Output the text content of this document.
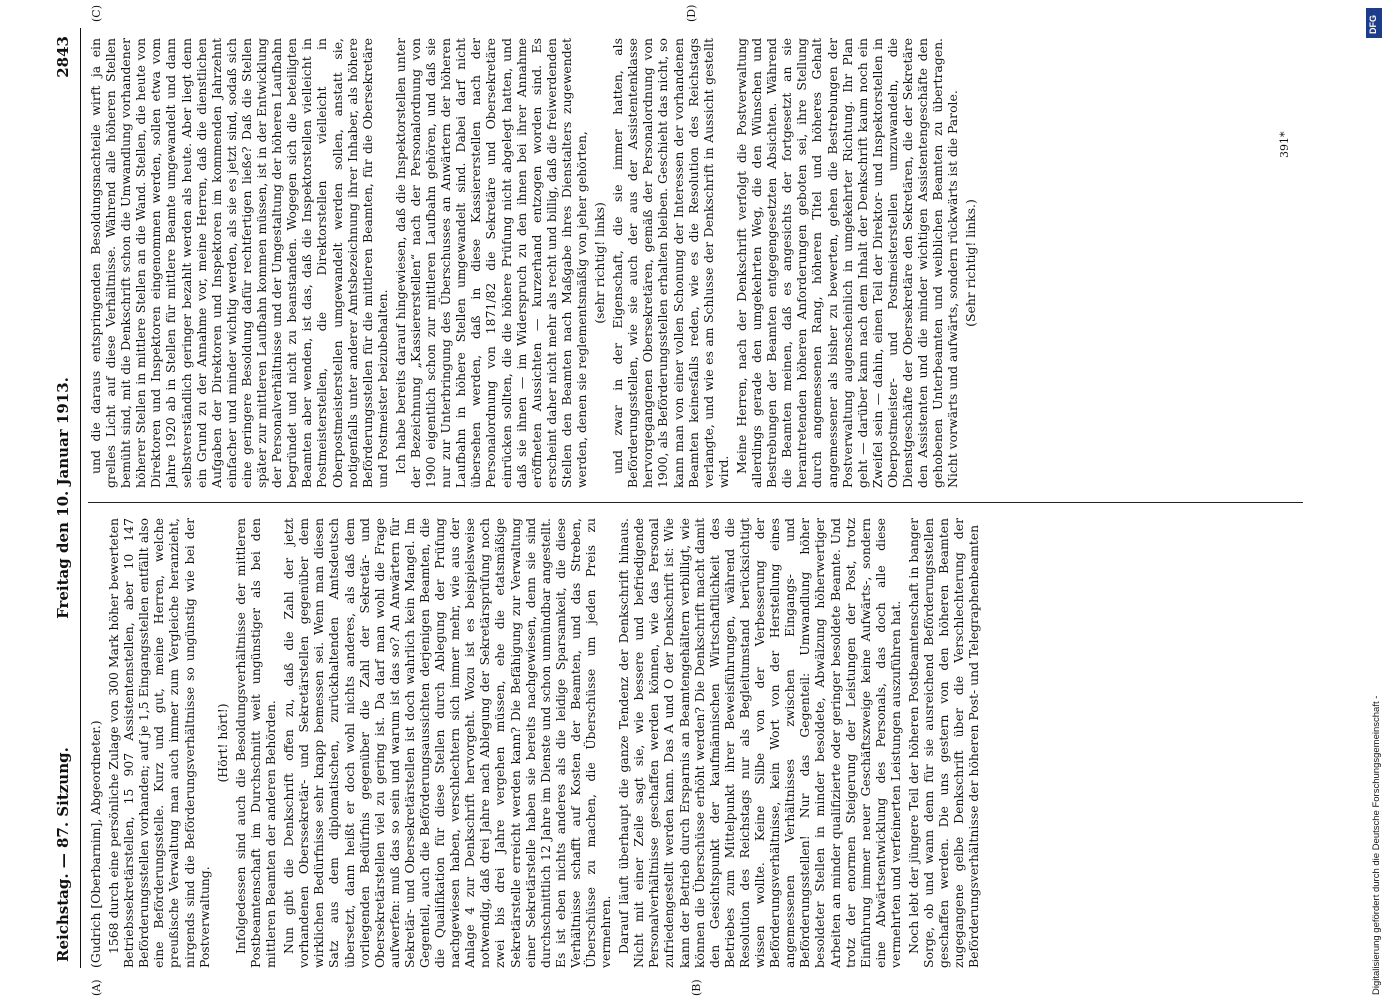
Reichstag. — 87. Sitzung.
Freitag den 10. Januar 1913.
2843

(Gudrich [Oberbarnim], Abgeordneter.) 1568 durch eine persönliche Zulage von 300 Mark höher bewerteten Betriebssekretärstellen, 15 907 Assistentenstellen, aber 10 147 Beförderungsstellen vorhanden; auf je 1,5 Eingangsstellen entfällt also eine Beförderungsstelle. Kurz und gut, meine Herren, welche preußische Verwaltung man auch immer zum Vergleiche heranzieht, nirgends sind die Beförderungsverhältnisse so ungünstig wie bei der Postverwaltung.

(Hört! hört!) Infolgedessen sind auch die Besoldungsverhältnisse der mittleren Postbeamtenschaft im Durchschnitt weit ungünstiger als bei den mittleren Beamten der anderen Behörden. Nun gibt die Denkschrift offen zu, daß die Zahl der jetzt vorhandenen Oberssekretär- und Sekretärstellen gegenüber dem wirklichen Bedürfnisse sehr knapp bemessen sei. Wenn man diesen Satz aus dem diplomatischen, zurückhaltenden Amtsdeutsch übersetzt, dann heißt er doch wohl nichts anderes, als daß dem vorliegenden Bedürfnis gegenüber die Zahl der Sekretär- und Obersekretärstellen viel zu gering ist. Da darf man wohl die Frage aufwerfen: muß das so sein und warum ist das so? An Anwärtern für Sekretär- und Obersekretärstellen ist doch wahrlich kein Mangel. Im Gegenteil, auch die Beförderungsaussichten derjenigen Beamten, die die Qualifikation für diese Stellen durch Ablegung der Prüfung nachgewiesen haben, verschlechtern sich immer mehr, wie aus der Anlage 4 zur Denkschrift hervorgeht. Wozu ist es beispielsweise notwendig, daß drei Jahre nach Ablegung der Sekretärsprüfung noch zwei bis drei Jahre vergehen müssen, ehe die etatsmäßige Sekretärstelle erreicht werden kann? Die Befähigung zur Verwaltung einer Sekretärstelle haben sie bereits nachgewiesen, denn sie sind durchschnittlich 12 Jahre im Dienste und schon unmündbar angestellt. Es ist eben nichts anderes als die leidige Sparsamkeit, die diese Verhältnisse schafft auf Kosten der Beamten, und das Streben, Überschüsse zu machen, die Überschüsse um jeden Preis zu vermehren. Darauf läuft überhaupt die ganze Tendenz der Denkschrift hinaus. Nicht mit einer Zeile sagt sie, wie bessere und befriedigende Personalverhältnisse geschaffen werden können, wie das Personal zufriedengestellt werden kann. Das A und O der Denkschrift ist: Wie kann der Betrieb durch Ersparnis an Beamtengehältern verbilligt, wie können die Überschüsse erhöht werden? Die Denkschrift macht damit den Gesichtspunkt der kaufmännischen Wirtschaftlichkeit des Betriebes zum Mittelpunkt ihrer Beweisführungen, während die Resolution des Reichstags nur als Begleitumstand berücksichtigt wissen wollte. Keine Silbe von der Verbesserung der Beförderungsverhältnisse, kein Wort von der Herstellung eines angemessenen Verhältnisses zwischen Eingangs- und Beförderungsstellen! Nur das Gegenteil: Umwandlung höher besoldeter Stellen in minder besoldete, Abwälzung höherwertiger Arbeiten an minder qualifizierte oder geringer besoldete Beamte. Und trotz der enormen Steigerung der Leistungen der Post, trotz Einführung immer neuer Geschäftszweige keine Aufwärts-, sondern eine Abwärtsentwicklung des Personals, das doch alle diese vermehrten und verfeinerten Leistungen auszuführen hat. Noch lebt der jüngere Teil der höheren Postbeamtenschaft in banger Sorge, ob und wann denn für sie ausreichend Beförderungsstellen geschaffen werden. Die uns gestern von den höheren Beamten zugegangene gelbe Denkschrift über die Verschlechterung der Beförderungsverhältnisse der höheren Post- und Telegraphenbeamten

und die daraus entspringenden Besoldungsnachteile wirft ja ein grelles Licht auf diese Verhältnisse. Während alle höheren Stellen bemüht sind, mit die Denkschrift schon die Umwandlung vorhandener höherer Stellen in mittlere Stellen an die Wand. Stellen, die heute von Direktoren und Inspektoren eingenommen werden, sollen etwa vom Jahre 1920 ab in Stellen für mittlere Beamte umgewandelt und dann selbstverständlich geringer bezahlt werden als heute. Aber liegt denn ein Grund zu der Annahme vor, meine Herren, daß die dienstlichen Aufgaben der Direktoren und Inspektoren im kommenden Jahrzehnt einfacher und minder wichtig werden, als sie es jetzt sind, sodaß sich eine geringere Besoldung dafür rechtfertigen ließe? Daß die Stellen später zur mittleren Laufbahn kommen müssen, ist in der Entwicklung der Personalverhältnisse und der Umgestaltung der höheren Laufbahn begründet und nicht zu beanstanden. Wogegen sich die beteiligten Beamten aber wenden, ist das, daß die Inspektorstellen vielleicht in Postmeisterstellen, die Direktorstellen vielleicht in Oberpostmeisterstellen umgewandelt werden sollen, anstatt sie, notigenfalls unter anderer Amtsbezeichnung ihrer Inhaber, als höhere Beförderungsstellen für die mittleren Beamten, für die Obersekretäre und Postmeister beizubehalten. Ich habe bereits darauf hingewiesen, daß die Inspektorstellen unter der Bezeichnung „Kassiererstellen“ nach der Personalordnung von 1900 eigentlich schon zur mittleren Laufbahn gehören, und daß sie nur zur Unterbringung des Überschusses an Anwärtern der höheren Laufbahn in höhere Stellen umgewandelt sind. Dabei darf nicht übersehen werden, daß in diese Kassiererstellen nach der Personalordnung von 1871/82 die Sekretäre und Obersekretäre einrücken sollten, die die höhere Prüfung nicht abgelegt hatten, und daß sie ihnen — im Widerspruch zu den ihnen bei ihrer Annahme eröffneten Aussichten — kurzerhand entzogen worden sind. Es erscheint daher nicht mehr als recht und billig, daß die freiwerdenden Stellen den Beamten nach Maßgabe ihres Dienstalters zugewendet werden, denen sie reglementsmäßig von jeher gehörten, (sehr richtig! links) und zwar in der Eigenschaft, die sie immer hatten, als Beförderungsstellen, wie sie auch der aus der Assistentenklasse hervorgegangenen Obersekretären, gemäß der Personalordnung von 1900, als Beförderungsstellen erhalten bleiben. Geschieht das nicht, so kann man von einer vollen Schonung der Interessen der vorhandenen Beamten keinesfalls reden, wie es die Resolution des Reichstags verlangte, und wie es am Schlusse der Denkschrift in Aussicht gestellt wird. Meine Herren, nach der Denkschrift verfolgt die Postverwaltung allerdings gerade den umgekehrten Weg, die den Wünschen und Bestrebungen der Beamten entgegengesetzten Absichten. Während die Beamten meinen, daß es angesichts der fortgesetzt an sie herantretenden höheren Anforderungen geboten sei, ihre Stellung durch angemessenen Rang, höheren Titel und höheres Gehalt angemessener als bisher zu bewerten, gehen die Bestrebungen der Postverwaltung augenscheinlich in umgekehrter Richtung. Ihr Plan geht — darüber kann nach dem Inhalt der Denkschrift kaum noch ein Zweifel sein — dahin, einen Teil der Direktor- und Inspektorstellen in Oberpostmeister- und Postmeisterstellen umzuwandeln, die Dienstgeschäfte der Obersekretäre den Sekretären, die der Sekretäre den Assistenten und die minder wichtigen Assistentengeschäfte den gehobenen Unterbeamten und weiblichen Beamten zu übertragen. Nicht vorwärts und aufwärts, sondern rückwärts ist die Parole. (Sehr richtig! links.)

(A)	(B)
(C)	(D)
391*
DFG
Digitalisierung gefördert durch die Deutsche Forschungsgemeinschaft -
